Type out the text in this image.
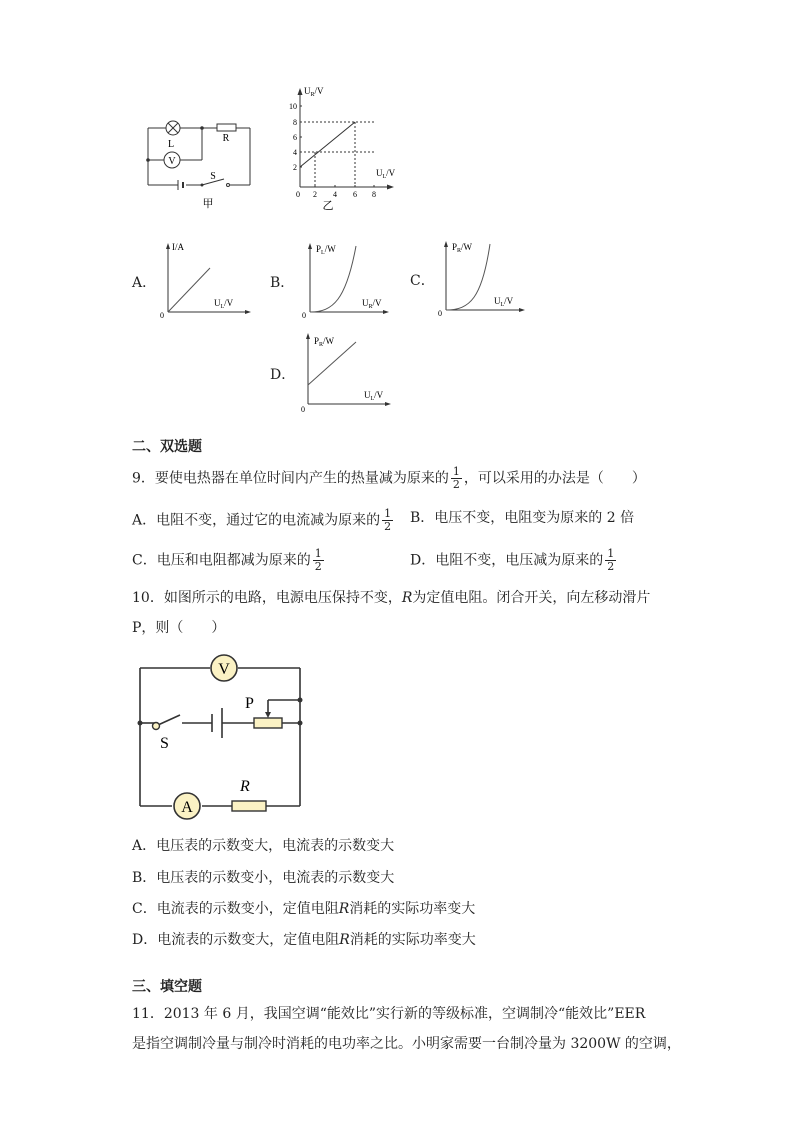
V
L
R
S
甲
$U_R/V$
$U_L/V$
10
8
6
4
2
0 2 4 6 8
乙
A．
I/A
$U_L/V$
0
B．
$P_L/W$
$U_R/V$
0
C．
$P_R/W$
$U_L/V$
0
D．
$P_R/W$
$U_L/V$
0
二、双选题
9．要使电热器在单位时间内产生的热量减为原来的 $\frac{1}{2}$ ，可以采用的办法是（　　）
A．电阻不变，通过它的电流减为原来的 $\frac{1}{2}$ B．电压不变，电阻变为原来的 2 倍
C．电压和电阻都减为原来的 $\frac{1}{2}$	D．电阻不变，电压减为原来的 $\frac{1}{2}$
10．如图所示的电路，电源电压保持不变，R为定值电阻。闭合开关，向左移动滑片
P，则（　　）
V
A
P
S
R
A．电压表的示数变大，电流表的示数变大
B．电压表的示数变小，电流表的示数变大
C．电流表的示数变小，定值电阻R消耗的实际功率变大
D．电流表的示数变大，定值电阻R消耗的实际功率变大
三、填空题
11．2013 年 6 月，我国空调“能效比”实行新的等级标准，空调制冷“能效比”EER
是指空调制冷量与制冷时消耗的电功率之比。小明家需要一台制冷量为 3200W 的空调，
